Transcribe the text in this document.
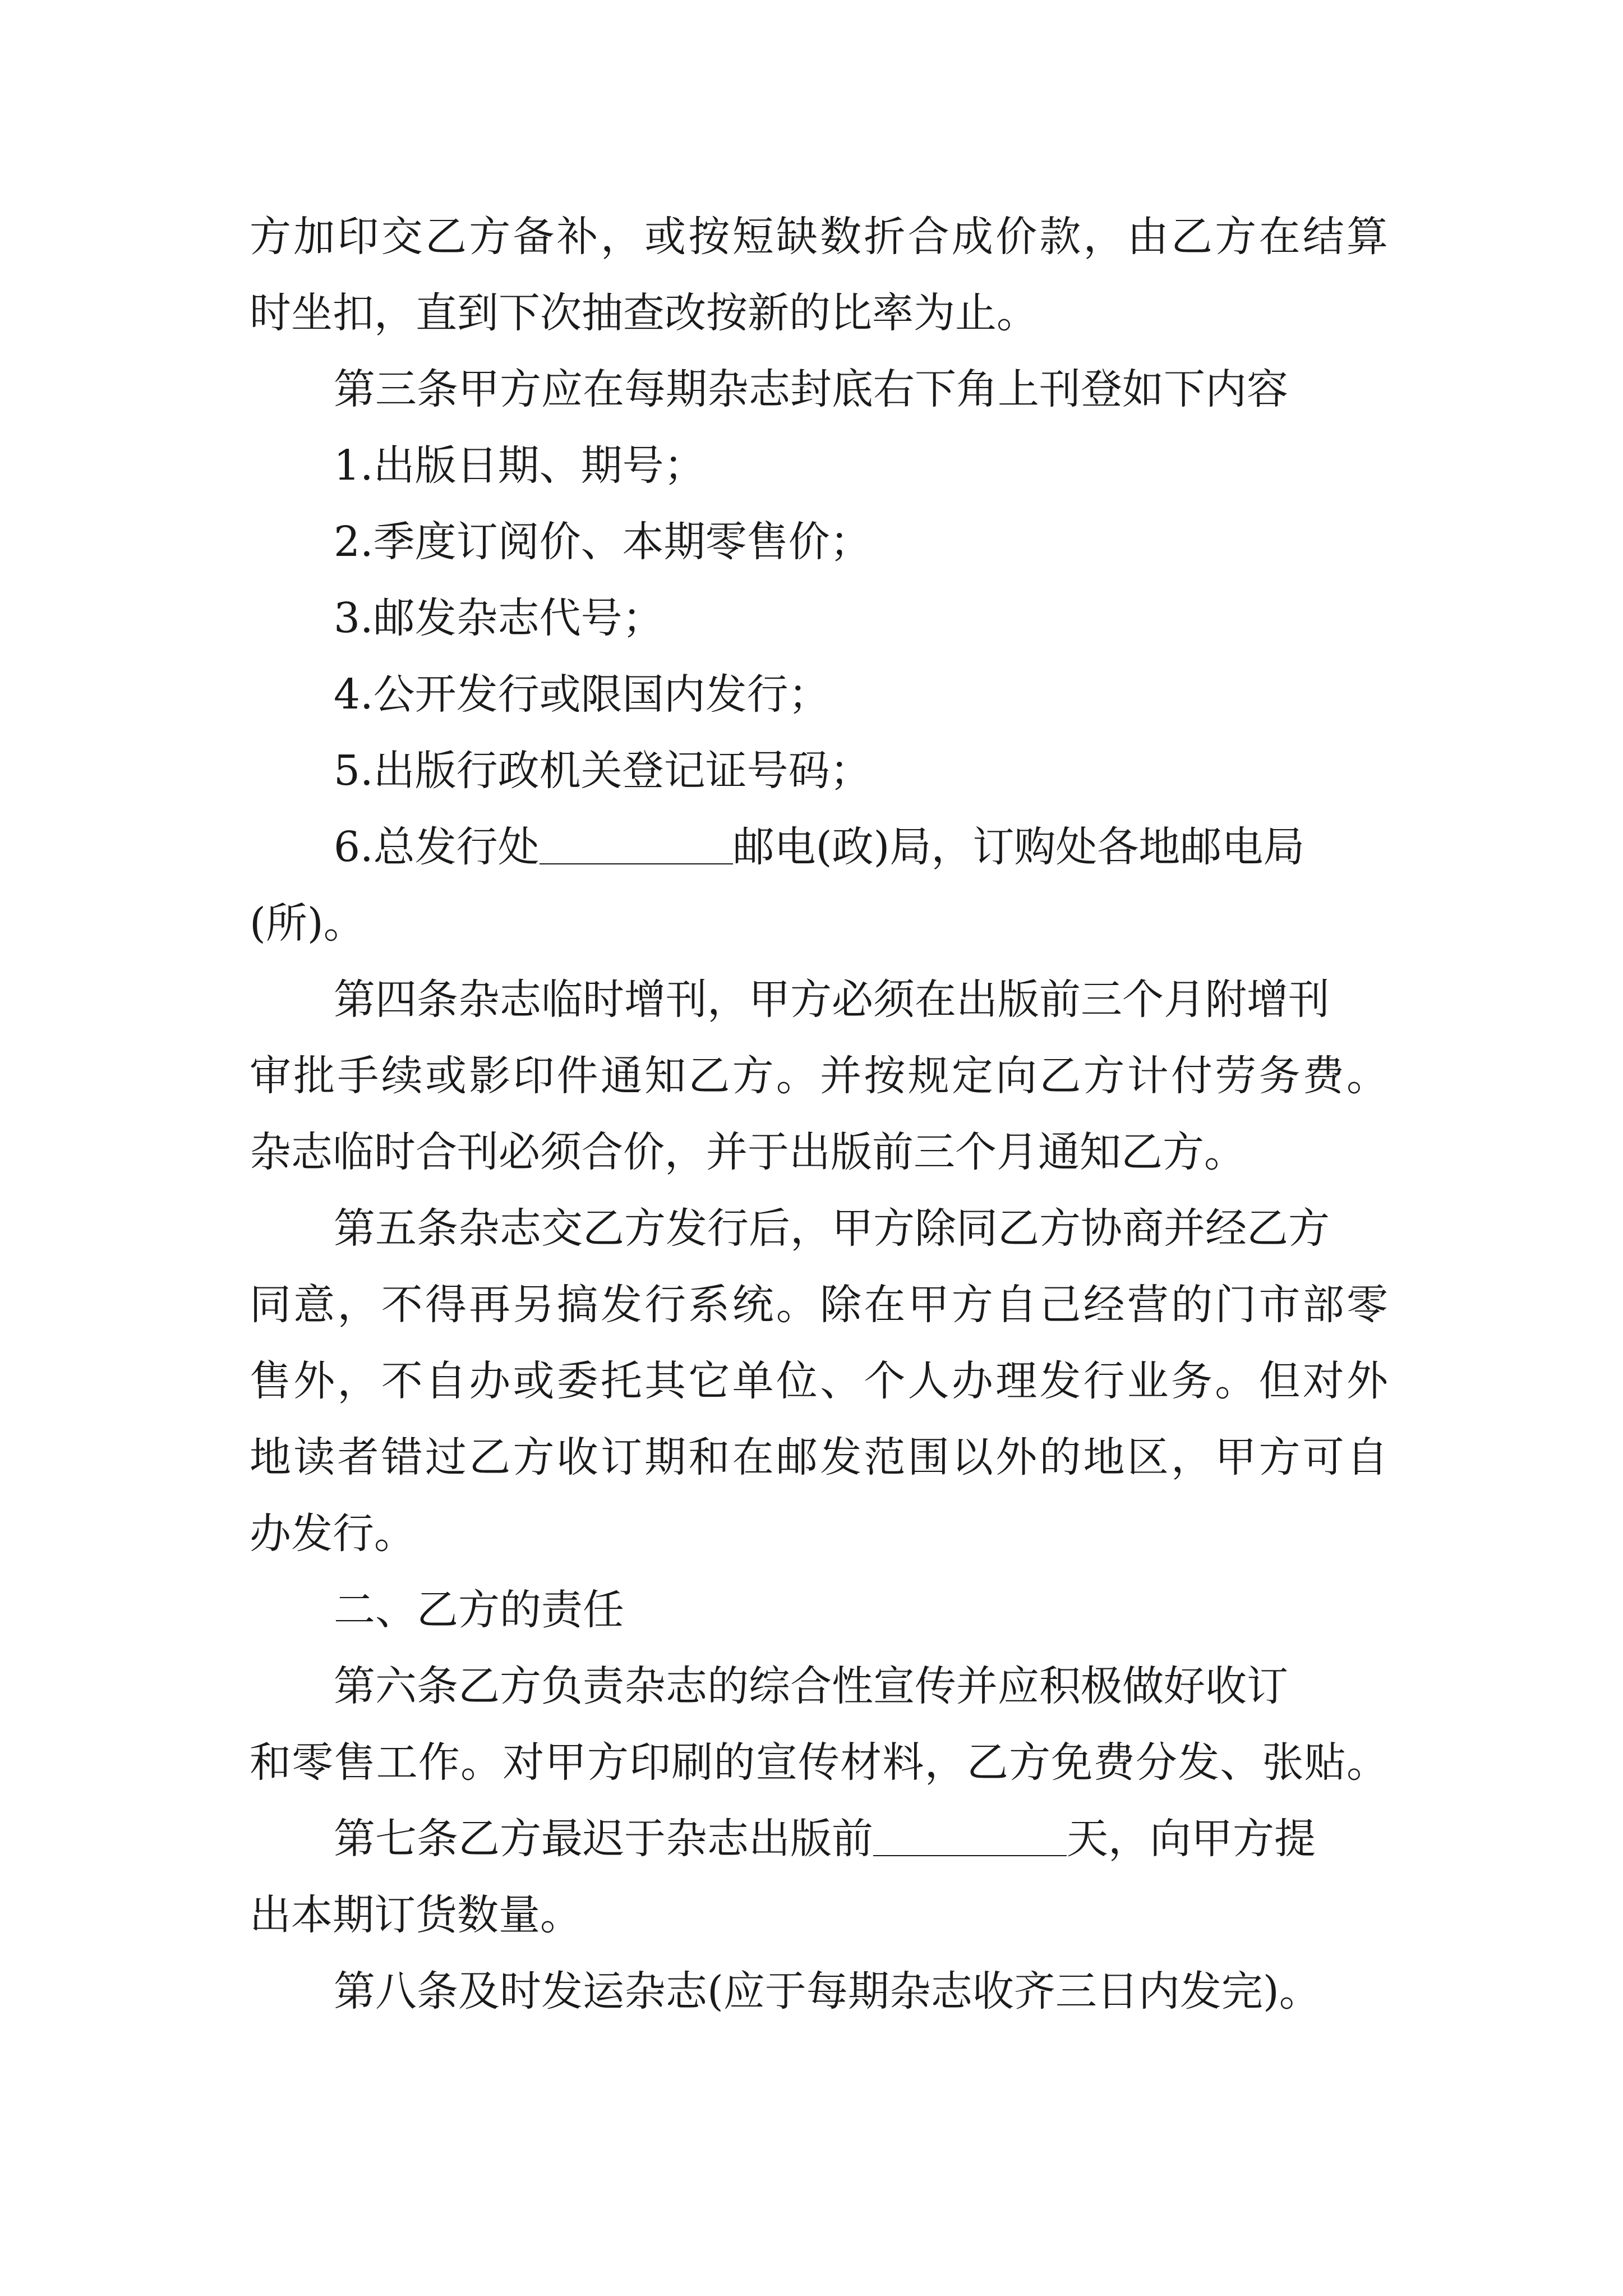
方加印交乙方备补，或按短缺数折合成价款，由乙方在结算
时坐扣，直到下次抽查改按新的比率为止。
第三条甲方应在每期杂志封底右下角上刊登如下内容
1.出版日期、期号；
2.季度订阅价、本期零售价；
3.邮发杂志代号；
4.公开发行或限国内发行；
5.出版行政机关登记证号码；
6.总发行处	邮电(政)局，订购处各地邮电局
(所)。
第四条杂志临时增刊，甲方必须在出版前三个月附增刊
审批手续或影印件通知乙方。并按规定向乙方计付劳务费。
杂志临时合刊必须合价，并于出版前三个月通知乙方。
第五条杂志交乙方发行后，甲方除同乙方协商并经乙方
同意，不得再另搞发行系统。除在甲方自己经营的门市部零
售外，不自办或委托其它单位、个人办理发行业务。但对外
地读者错过乙方收订期和在邮发范围以外的地区，甲方可自
办发行。
二、乙方的责任
第六条乙方负责杂志的综合性宣传并应积极做好收订
和零售工作。对甲方印刷的宣传材料，乙方免费分发、张贴。
第七条乙方最迟于杂志出版前	天，向甲方提
出本期订货数量。
第八条及时发运杂志(应于每期杂志收齐三日内发完)。
